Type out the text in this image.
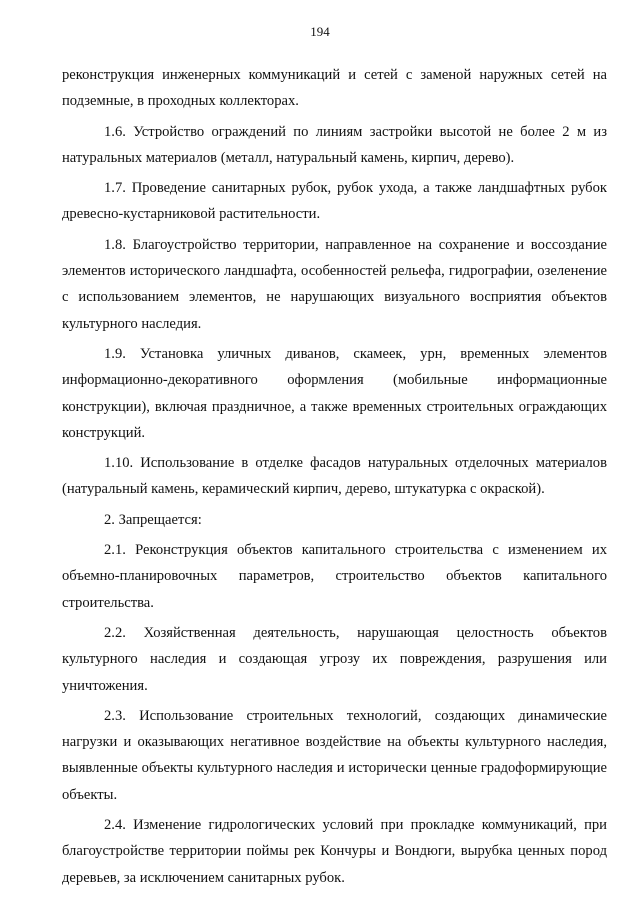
194

реконструкция инженерных коммуникаций и сетей с заменой наружных сетей на подземные, в проходных коллекторах.

1.6. Устройство ограждений по линиям застройки высотой не более 2 м из натуральных материалов (металл, натуральный камень, кирпич, дерево).

1.7. Проведение санитарных рубок, рубок ухода, а также ландшафтных рубок древесно-кустарниковой растительности.

1.8. Благоустройство территории, направленное на сохранение и воссоздание элементов исторического ландшафта, особенностей рельефа, гидрографии, озеленение с использованием элементов, не нарушающих визуального восприятия объектов культурного наследия.

1.9. Установка уличных диванов, скамеек, урн, временных элементов информационно-декоративного оформления (мобильные информационные конструкции), включая праздничное, а также временных строительных ограждающих конструкций.

1.10. Использование в отделке фасадов натуральных отделочных материалов (натуральный камень, керамический кирпич, дерево, штукатурка с окраской).

2. Запрещается:

2.1. Реконструкция объектов капитального строительства с изменением их объемно-планировочных параметров, строительство объектов капитального строительства.

2.2. Хозяйственная деятельность, нарушающая целостность объектов культурного наследия и создающая угрозу их повреждения, разрушения или уничтожения.

2.3. Использование строительных технологий, создающих динамические нагрузки и оказывающих негативное воздействие на объекты культурного наследия, выявленные объекты культурного наследия и исторически ценные градоформирующие объекты.

2.4. Изменение гидрологических условий при прокладке коммуникаций, при благоустройстве территории поймы рек Кончуры и Вондюги, вырубка ценных пород деревьев, за исключением санитарных рубок.
